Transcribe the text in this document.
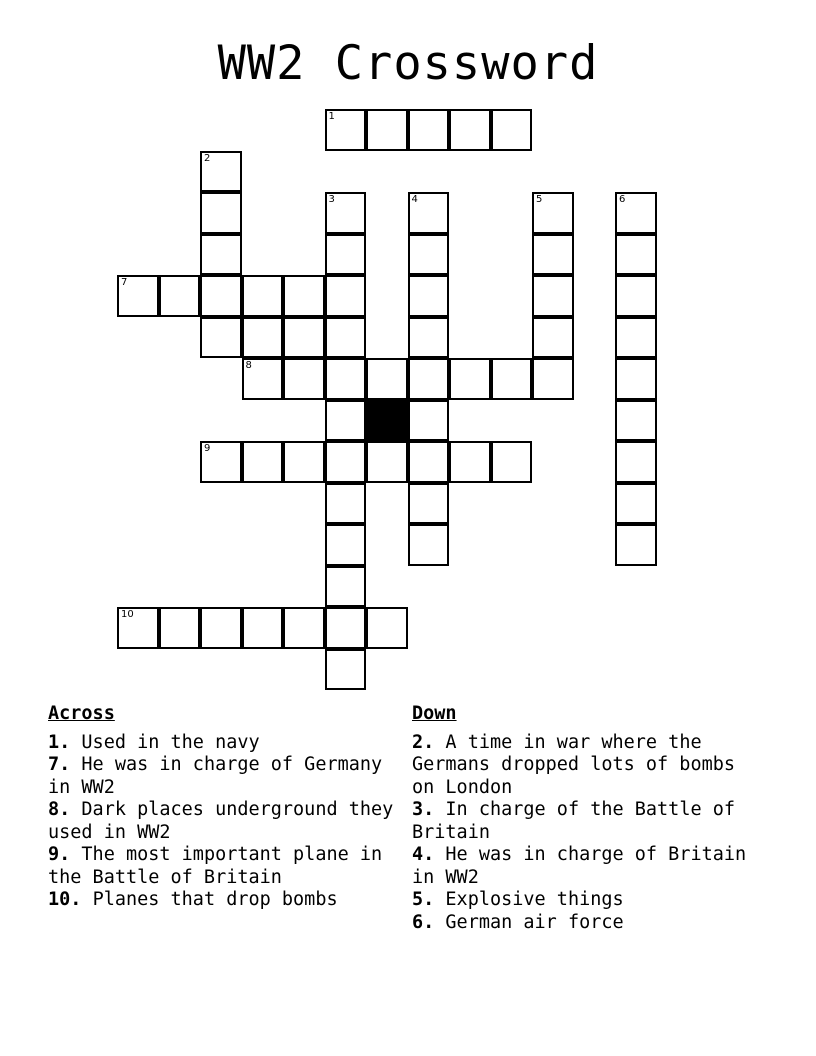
WW2 Crossword
1
2
3	4	5	6
7
8
9
10
Across
1. Used in the navy
7. He was in charge of Germany in WW2
8. Dark places underground they used in WW2
9. The most important plane in the Battle of Britain
10. Planes that drop bombs
Down
2. A time in war where the Germans dropped lots of bombs on London
3. In charge of the Battle of Britain
4. He was in charge of Britain in WW2
5. Explosive things
6. German air force
